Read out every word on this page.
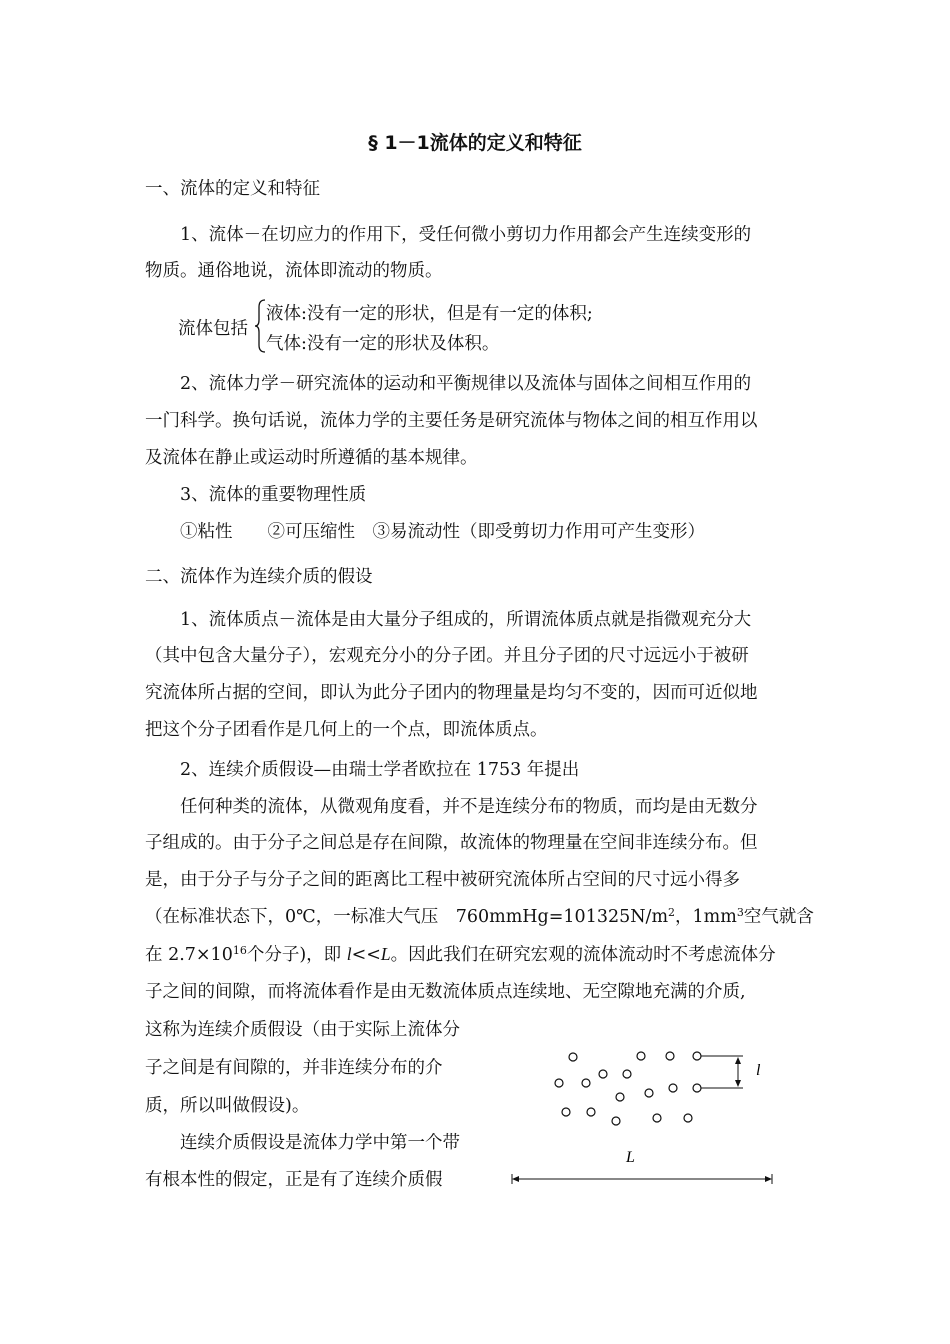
§ 1－1流体的定义和特征
一、流体的定义和特征
1、流体－在切应力的作用下，受任何微小剪切力作用都会产生连续变形的
物质。通俗地说，流体即流动的物质。
流体包括
液体:没有一定的形状，但是有一定的体积;
气体:没有一定的形状及体积。
2、流体力学－研究流体的运动和平衡规律以及流体与固体之间相互作用的
一门科学。换句话说，流体力学的主要任务是研究流体与物体之间的相互作用以
及流体在静止或运动时所遵循的基本规律。
3、流体的重要物理性质
①粘性　　②可压缩性　③易流动性（即受剪切力作用可产生变形）
二、流体作为连续介质的假设
1、流体质点－流体是由大量分子组成的，所谓流体质点就是指微观充分大
（其中包含大量分子），宏观充分小的分子团。并且分子团的尺寸远远小于被研
究流体所占据的空间，即认为此分子团内的物理量是均匀不变的，因而可近似地
把这个分子团看作是几何上的一个点，即流体质点。
2、连续介质假设—由瑞士学者欧拉在 1753 年提出
任何种类的流体，从微观角度看，并不是连续分布的物质，而均是由无数分
子组成的。由于分子之间总是存在间隙，故流体的物理量在空间非连续分布。但
是，由于分子与分子之间的距离比工程中被研究流体所占空间的尺寸远小得多
（在标准状态下，0℃，一标准大气压　$760mmHg=101325N/m^2$，$1mm^3$空气就含
在 $2.7\times 10^{16}$个分子)，即 l<<L。因此我们在研究宏观的流体流动时不考虑流体分
子之间的间隙，而将流体看作是由无数流体质点连续地、无空隙地充满的介质,
这称为连续介质假设（由于实际上流体分
子之间是有间隙的，并非连续分布的介
质，所以叫做假设)。
连续介质假设是流体力学中第一个带
有根本性的假定，正是有了连续介质假
l
L
